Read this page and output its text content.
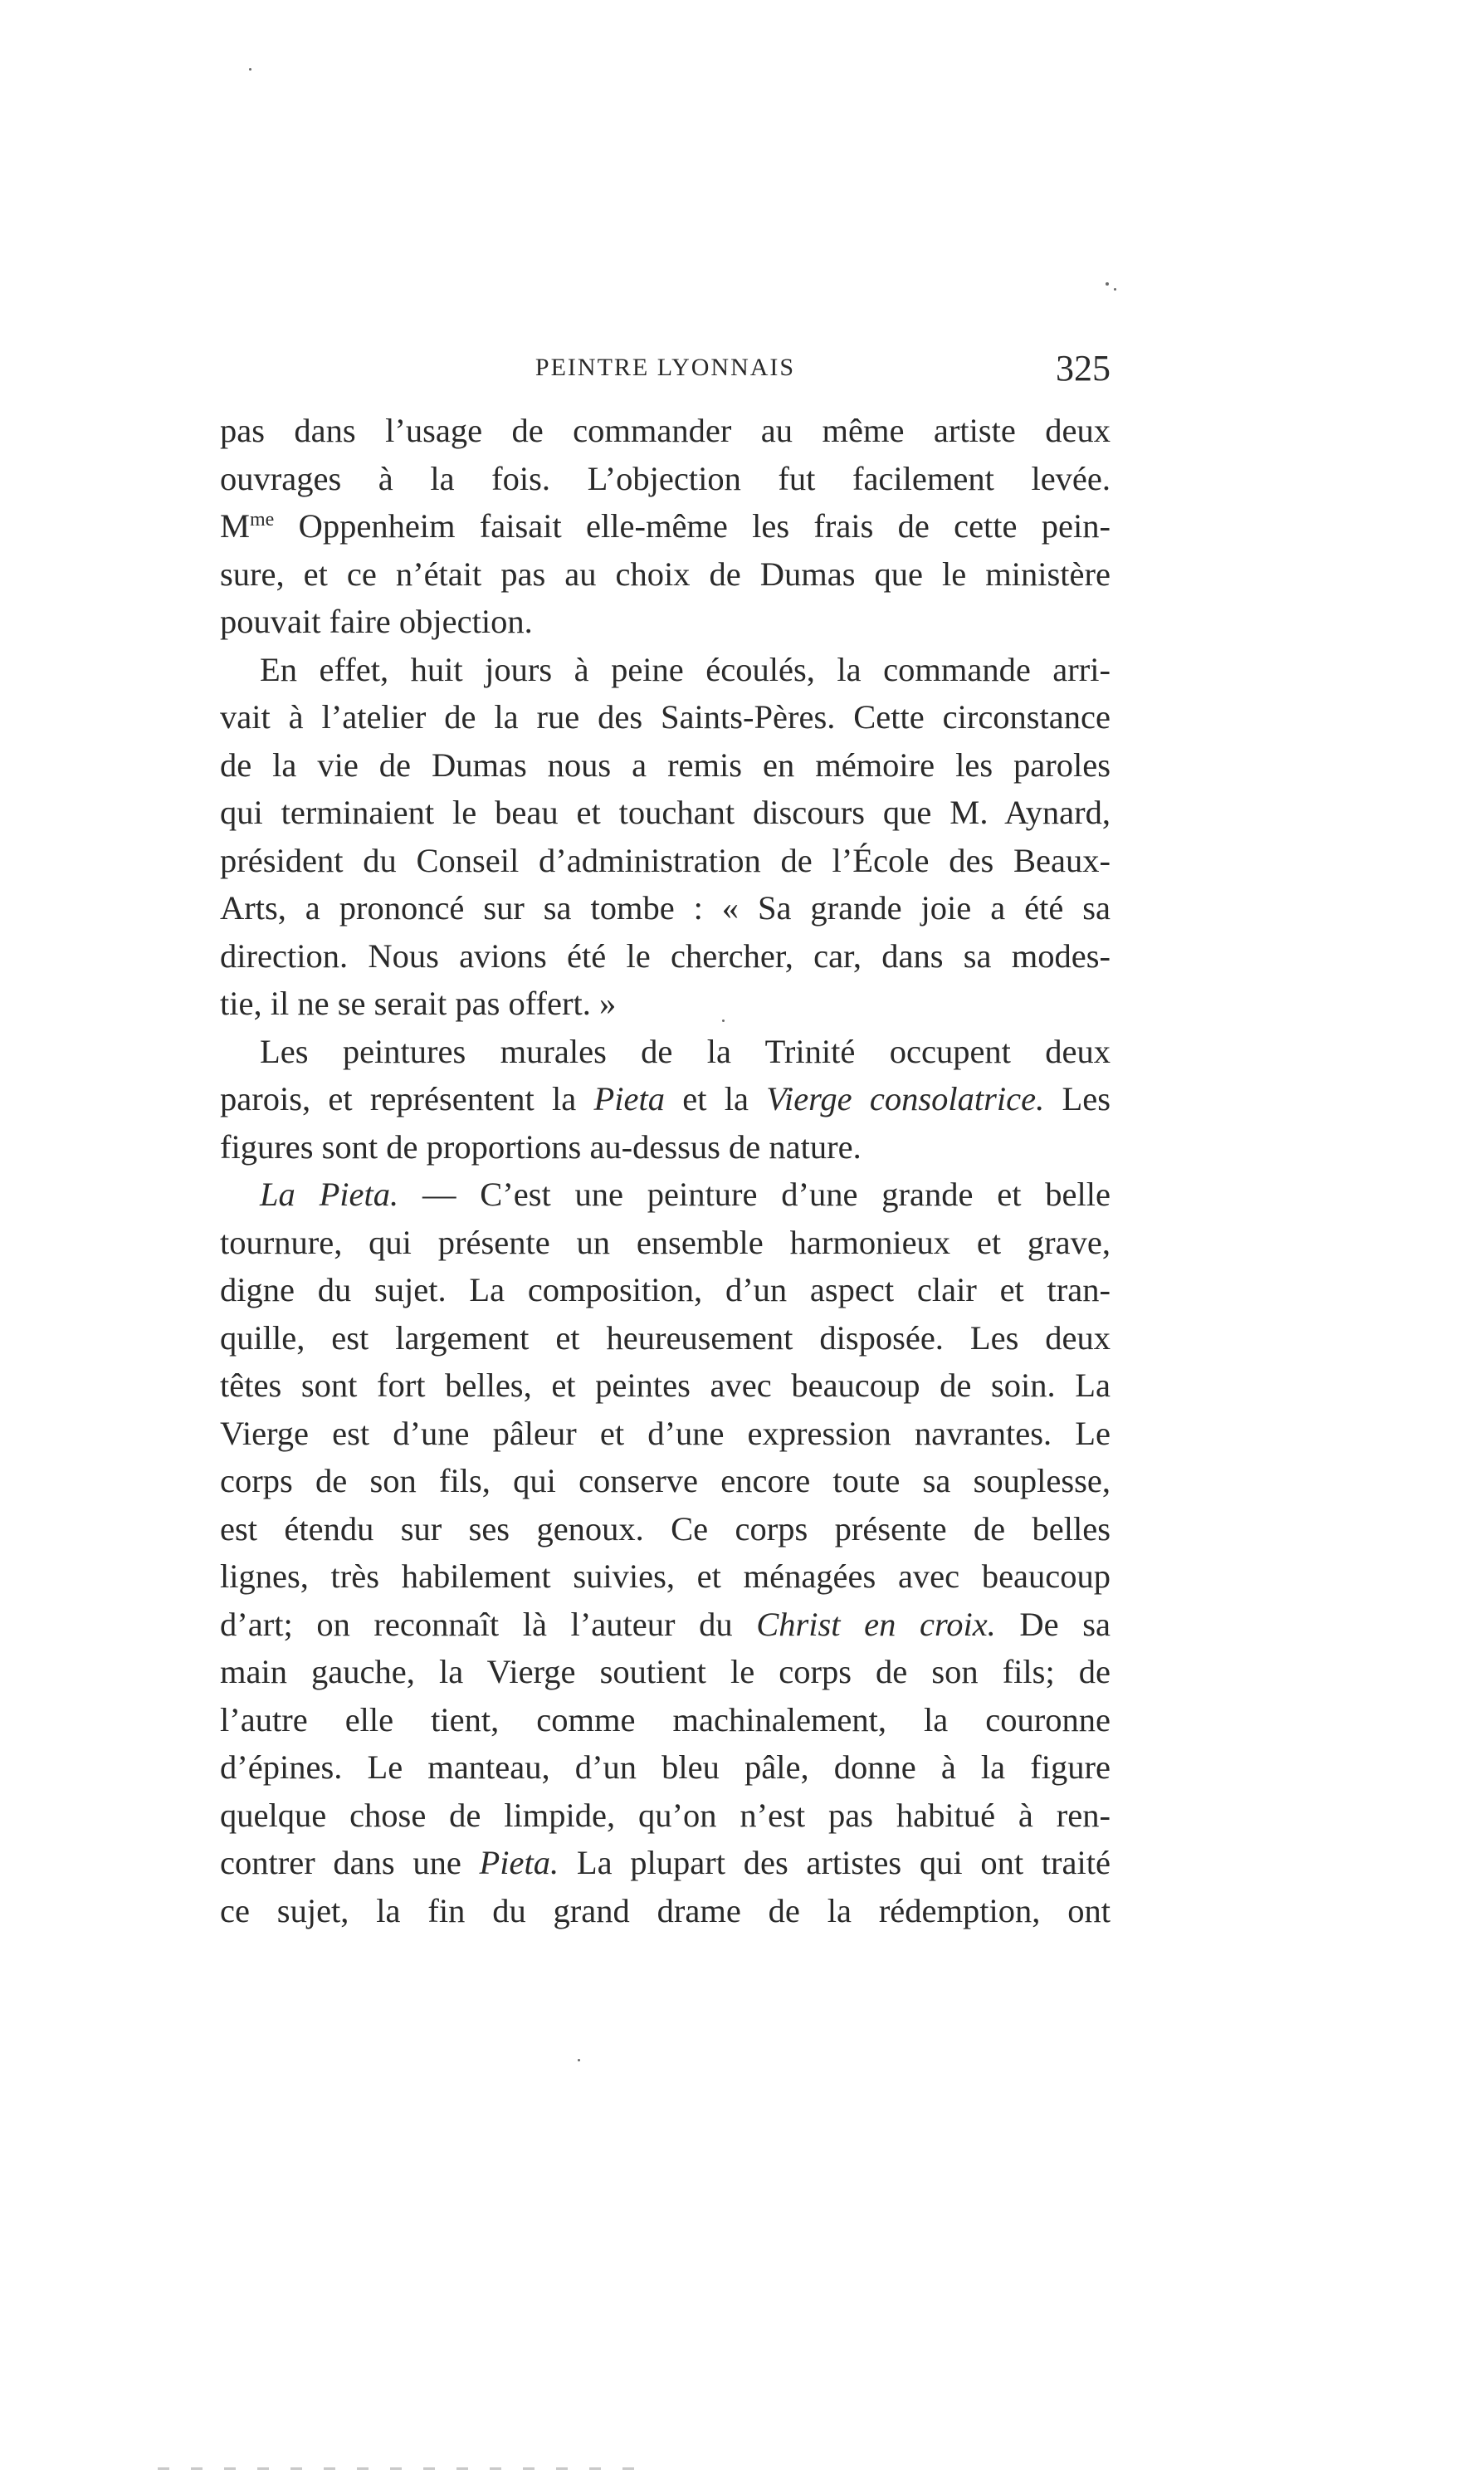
PEINTRE LYONNAIS	325

pas dans l’usage de commander au même artiste deux
ouvrages à la fois. L’objection fut facilement levée.
$M^{me}$ Oppenheim faisait elle-même les frais de cette pein-
sure, et ce n’était pas au choix de Dumas que le ministère
pouvait faire objection.

En effet, huit jours à peine écoulés, la commande arri-
vait à l’atelier de la rue des Saints-Pères. Cette circonstance
de la vie de Dumas nous a remis en mémoire les paroles
qui terminaient le beau et touchant discours que M. Aynard,
président du Conseil d’administration de l’École des Beaux-
Arts, a prononcé sur sa tombe : « Sa grande joie a été sa
direction. Nous avions été le chercher, car, dans sa modes-
tie, il ne se serait pas offert. »

Les peintures murales de la Trinité occupent deux
parois, et représentent la Pieta et la Vierge consolatrice. Les
figures sont de proportions au-dessus de nature.

La Pieta. — C’est une peinture d’une grande et belle
tournure, qui présente un ensemble harmonieux et grave,
digne du sujet. La composition, d’un aspect clair et tran-
quille, est largement et heureusement disposée. Les deux
têtes sont fort belles, et peintes avec beaucoup de soin. La
Vierge est d’une pâleur et d’une expression navrantes. Le
corps de son fils, qui conserve encore toute sa souplesse,
est étendu sur ses genoux. Ce corps présente de belles
lignes, très habilement suivies, et ménagées avec beaucoup
d’art; on reconnaît là l’auteur du Christ en croix. De sa
main gauche, la Vierge soutient le corps de son fils; de
l’autre elle tient, comme machinalement, la couronne
d’épines. Le manteau, d’un bleu pâle, donne à la figure
quelque chose de limpide, qu’on n’est pas habitué à ren-
contrer dans une Pieta. La plupart des artistes qui ont traité
ce sujet, la fin du grand drame de la rédemption, ont
